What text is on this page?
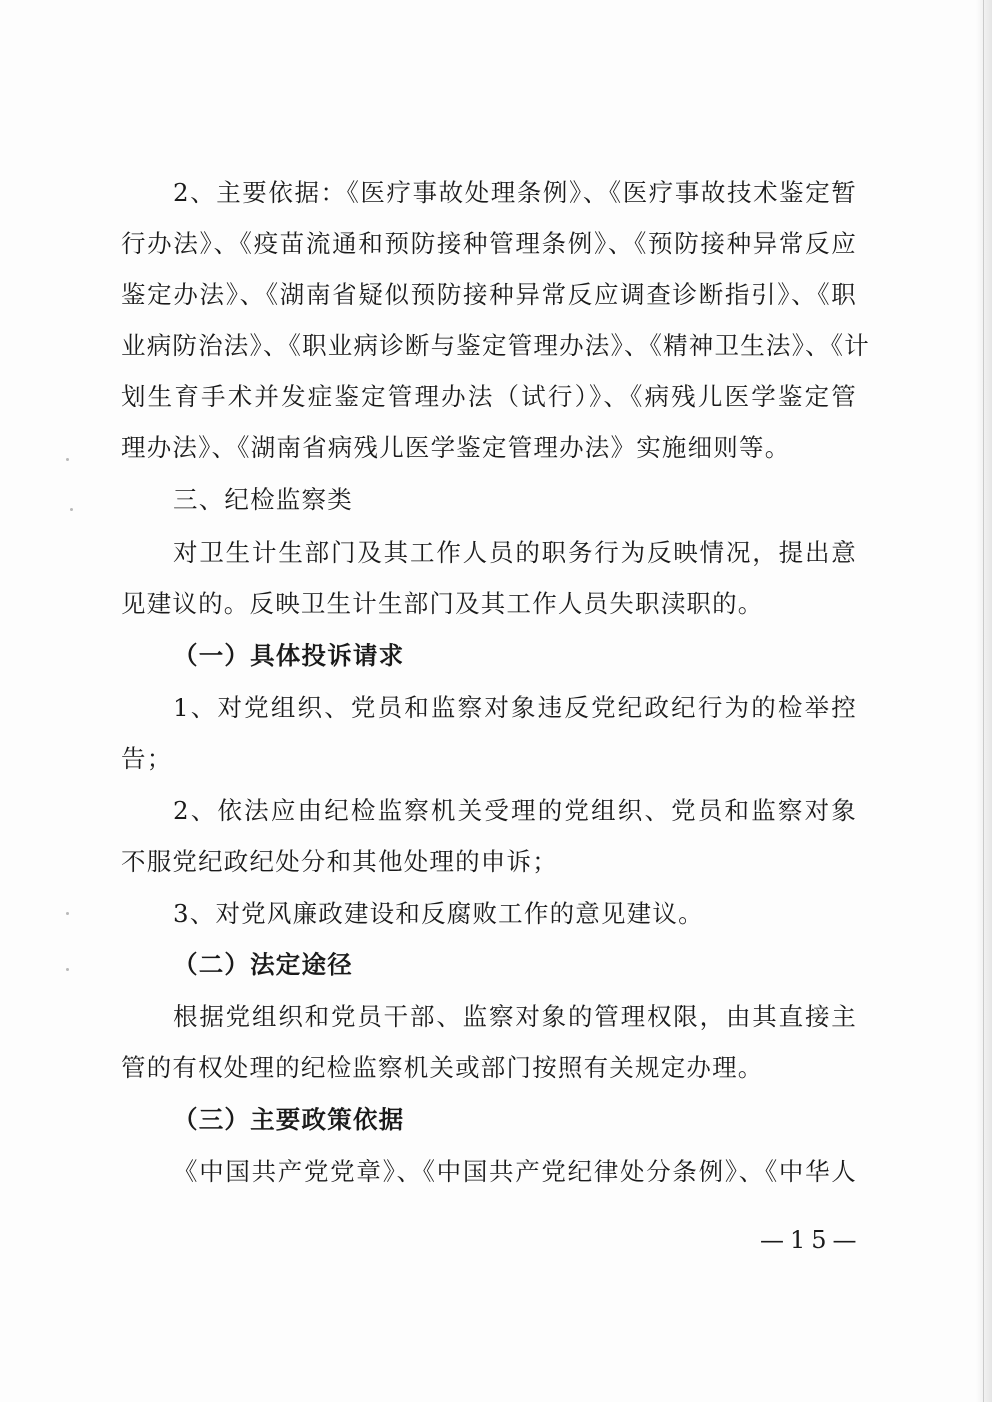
2、主要依据：《医疗事故处理条例》、《医疗事故技术鉴定暂
行办法》、《疫苗流通和预防接种管理条例》、《预防接种异常反应
鉴定办法》、《湖南省疑似预防接种异常反应调查诊断指引》、《职
业病防治法》、《职业病诊断与鉴定管理办法》、《精神卫生法》、《计
划生育手术并发症鉴定管理办法（试行）》、《病残儿医学鉴定管
理办法》、《湖南省病残儿医学鉴定管理办法》实施细则等。
三、纪检监察类
对卫生计生部门及其工作人员的职务行为反映情况，提出意
见建议的。反映卫生计生部门及其工作人员失职渎职的。
（一）具体投诉请求
1、对党组织、党员和监察对象违反党纪政纪行为的检举控
告；
2、依法应由纪检监察机关受理的党组织、党员和监察对象
不服党纪政纪处分和其他处理的申诉；
3、对党风廉政建设和反腐败工作的意见建议。
（二）法定途径
根据党组织和党员干部、监察对象的管理权限，由其直接主
管的有权处理的纪检监察机关或部门按照有关规定办理。
（三）主要政策依据
《中国共产党党章》、《中国共产党纪律处分条例》、《中华人
—15—
